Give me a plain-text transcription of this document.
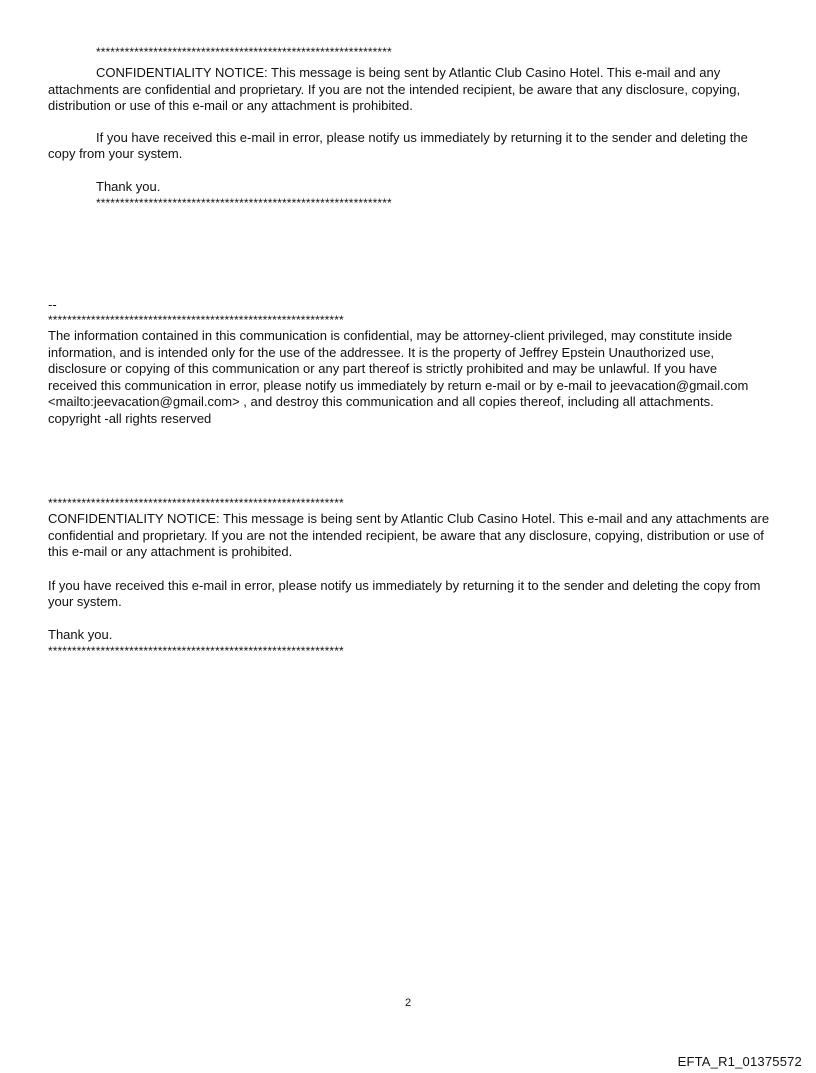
**************************************************************

CONFIDENTIALITY NOTICE: This message is being sent by Atlantic Club Casino Hotel. This e-mail and any attachments are confidential and proprietary. If you are not the intended recipient, be aware that any disclosure, copying, distribution or use of this e-mail or any attachment is prohibited.

If you have received this e-mail in error, please notify us immediately by returning it to the sender and deleting the copy from your system.

Thank you.

**************************************************************
--
**************************************************************

The information contained in this communication is confidential, may be attorney-client privileged, may constitute inside information, and is intended only for the use of the addressee. It is the property of Jeffrey Epstein Unauthorized use, disclosure or copying of this communication or any part thereof is strictly prohibited and may be unlawful. If you have received this communication in error, please notify us immediately by return e-mail or by e-mail to jeevacation@gmail.com <mailto:jeevacation@gmail.com> , and destroy this communication and all copies thereof, including all attachments. copyright -all rights reserved

**************************************************************

CONFIDENTIALITY NOTICE: This message is being sent by Atlantic Club Casino Hotel. This e-mail and any attachments are confidential and proprietary. If you are not the intended recipient, be aware that any disclosure, copying, distribution or use of this e-mail or any attachment is prohibited.

If you have received this e-mail in error, please notify us immediately by returning it to the sender and deleting the copy from your system.

Thank you.

**************************************************************
2
EFTA_R1_01375572
